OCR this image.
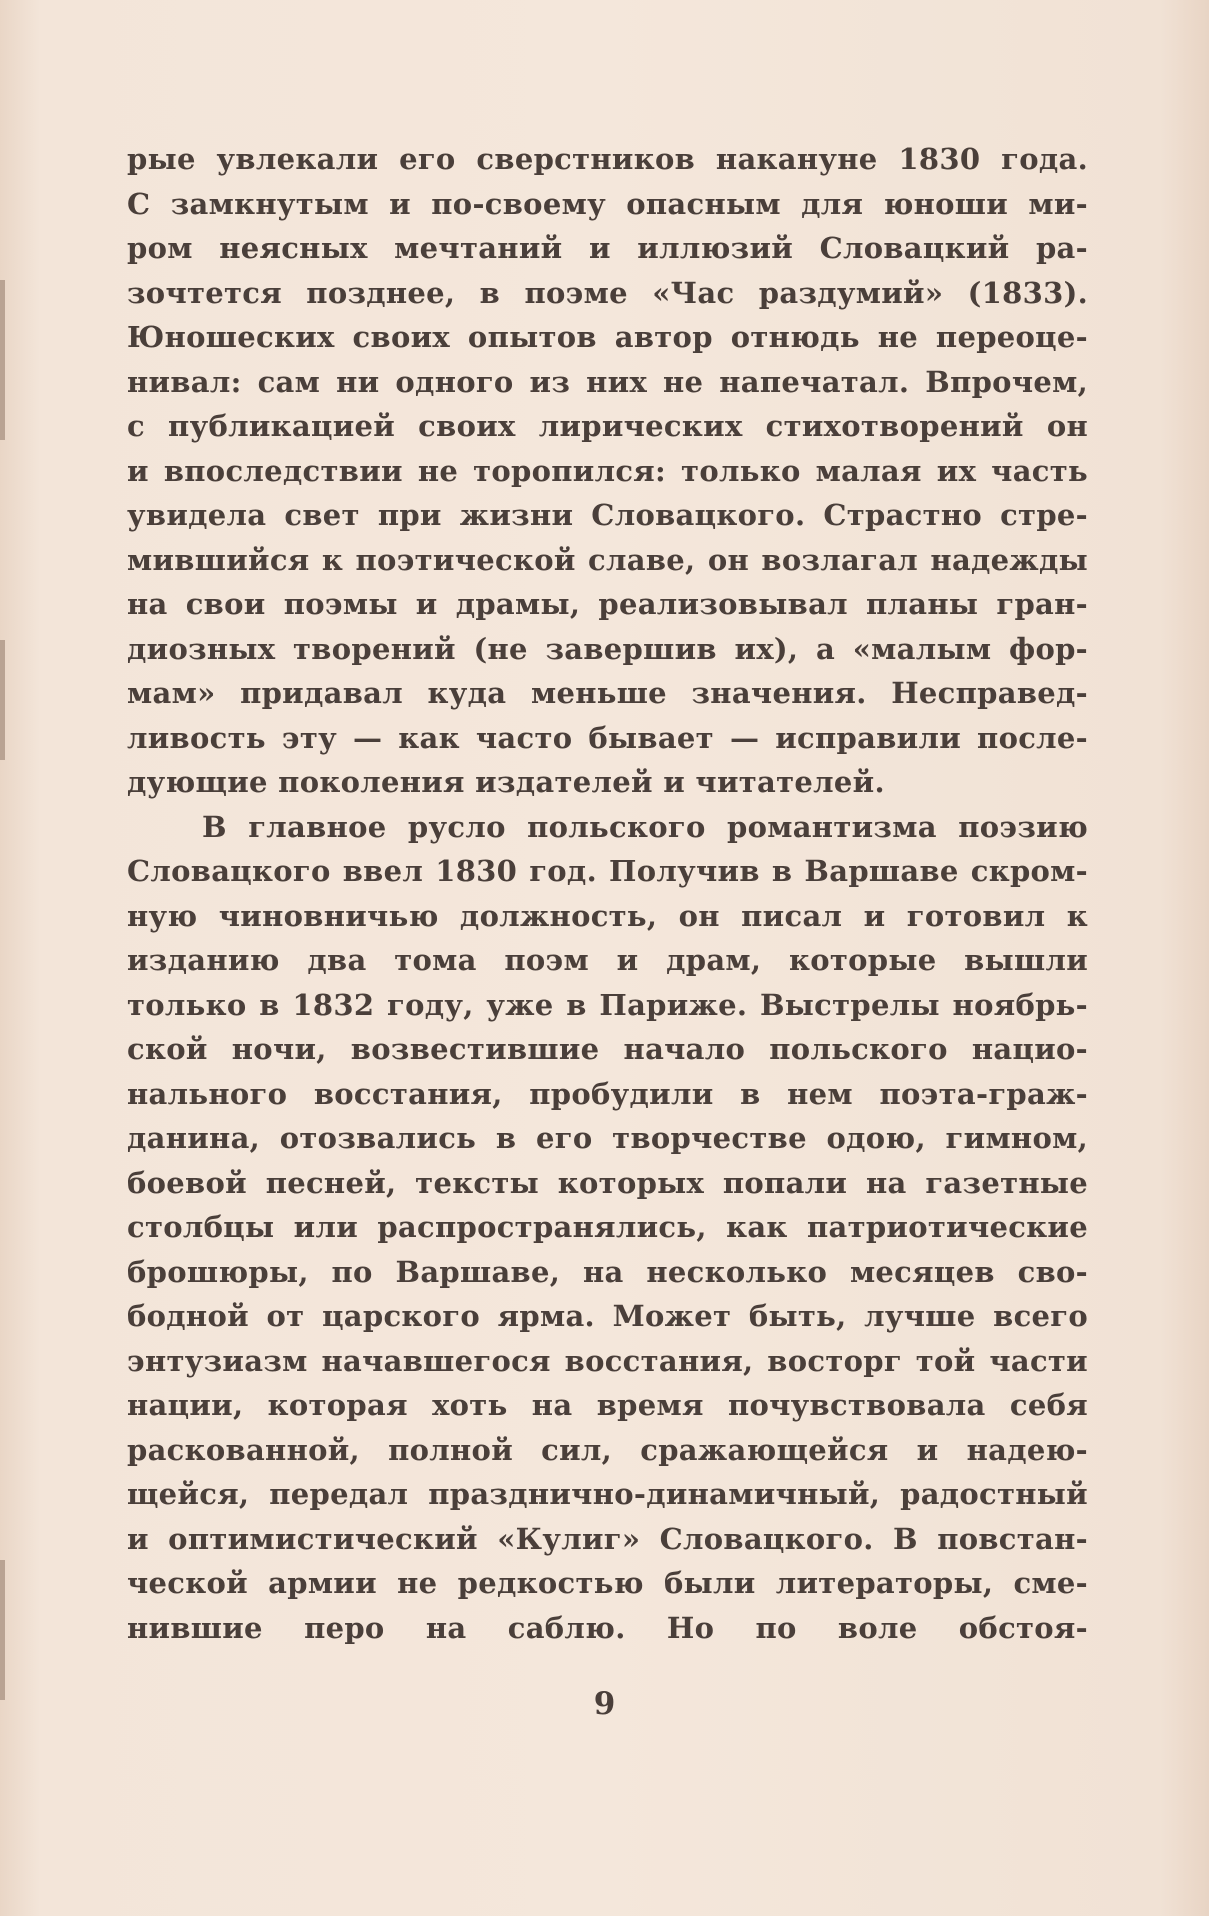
рые увлекали его сверстников накануне 1830 года.
С замкнутым и по-своему опасным для юноши ми-
ром неясных мечтаний и иллюзий Словацкий ра-
зочтется позднее, в поэме «Час раздумий» (1833).
Юношеских своих опытов автор отнюдь не переоце-
нивал: сам ни одного из них не напечатал. Впрочем,
с публикацией своих лирических стихотворений он
и впоследствии не торопился: только малая их часть
увидела свет при жизни Словацкого. Страстно стре-
мившийся к поэтической славе, он возлагал надежды
на свои поэмы и драмы, реализовывал планы гран-
диозных творений (не завершив их), а «малым фор-
мам» придавал куда меньше значения. Несправед-
ливость эту — как часто бывает — исправили после-
дующие поколения издателей и читателей.
В главное русло польского романтизма поэзию
Словацкого ввел 1830 год. Получив в Варшаве скром-
ную чиновничью должность, он писал и готовил к
изданию два тома поэм и драм, которые вышли
только в 1832 году, уже в Париже. Выстрелы ноябрь-
ской ночи, возвестившие начало польского нацио-
нального восстания, пробудили в нем поэта-граж-
данина, отозвались в его творчестве одою, гимном,
боевой песней, тексты которых попали на газетные
столбцы или распространялись, как патриотические
брошюры, по Варшаве, на несколько месяцев сво-
бодной от царского ярма. Может быть, лучше всего
энтузиазм начавшегося восстания, восторг той части
нации, которая хоть на время почувствовала себя
раскованной, полной сил, сражающейся и надею-
щейся, передал празднично-динамичный, радостный
и оптимистический «Кулиг» Словацкого. В повстан-
ческой армии не редкостью были литераторы, сме-
нившие перо на саблю. Но по воле обстоя-
9
